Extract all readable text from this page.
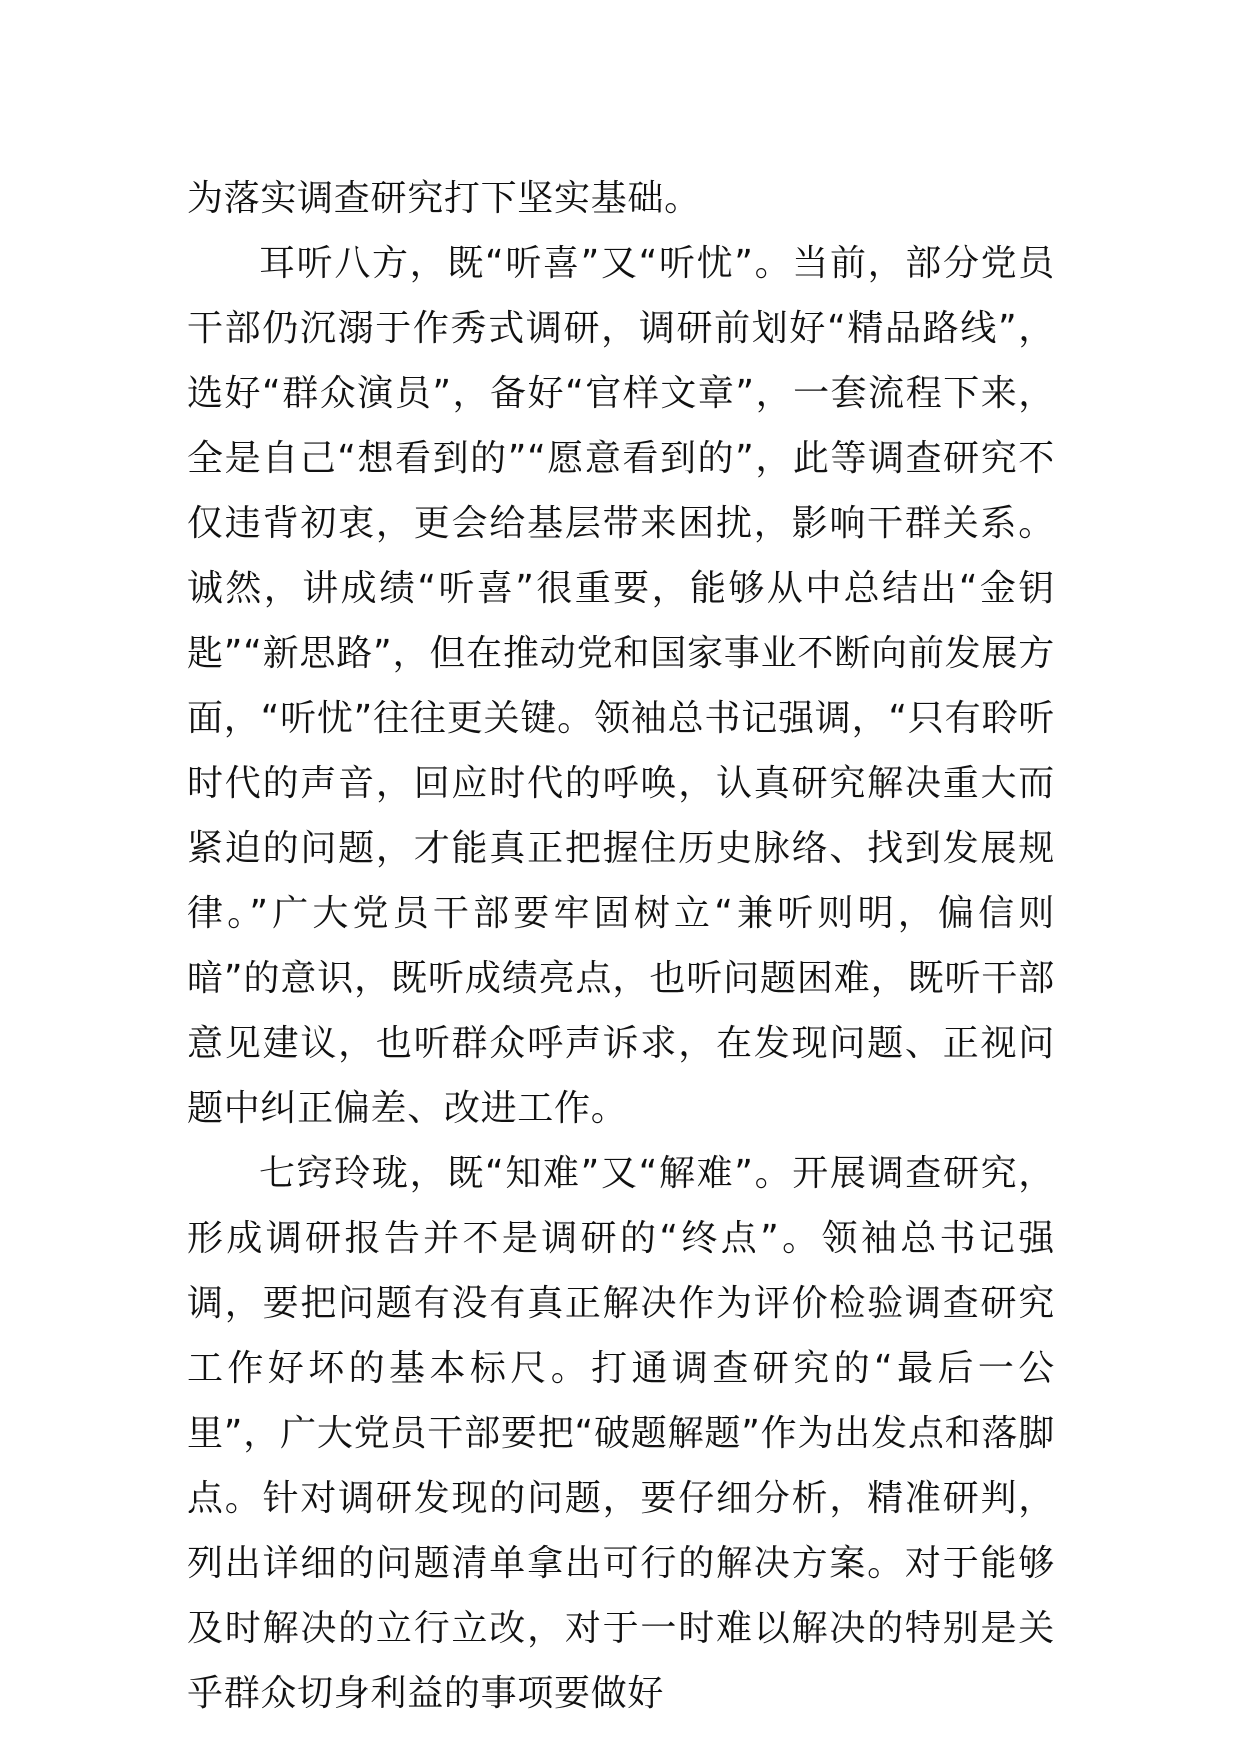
为落实调查研究打下坚实基础。

耳听八方，既“听喜”又“听忧”。当前，部分党员干部仍沉溺于作秀式调研，调研前划好“精品路线”，选好“群众演员”，备好“官样文章”，一套流程下来，全是自己“想看到的”“愿意看到的”，此等调查研究不仅违背初衷，更会给基层带来困扰，影响干群关系。诚然，讲成绩“听喜”很重要，能够从中总结出“金钥匙”“新思路”，但在推动党和国家事业不断向前发展方面，“听忧”往往更关键。领袖总书记强调，“只有聆听时代的声音，回应时代的呼唤，认真研究解决重大而紧迫的问题，才能真正把握住历史脉络、找到发展规律。”广大党员干部要牢固树立“兼听则明，偏信则暗”的意识，既听成绩亮点，也听问题困难，既听干部意见建议，也听群众呼声诉求，在发现问题、正视问题中纠正偏差、改进工作。

七窍玲珑，既“知难”又“解难”。开展调查研究，形成调研报告并不是调研的“终点”。领袖总书记强调，要把问题有没有真正解决作为评价检验调查研究工作好坏的基本标尺。打通调查研究的“最后一公里”，广大党员干部要把“破题解题”作为出发点和落脚点。针对调研发现的问题，要仔细分析，精准研判，列出详细的问题清单拿出可行的解决方案。对于能够及时解决的立行立改，对于一时难以解决的特别是关乎群众切身利益的事项要做好
